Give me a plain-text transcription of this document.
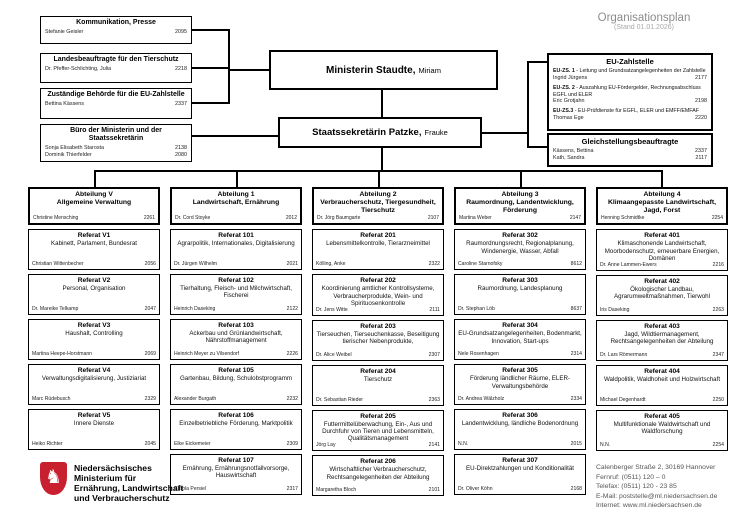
Organisationsplan
(Stand 01.01.2026)
Kommunikation, Presse
Stefanie Geisler	2095
Landesbeauftragte für den Tierschutz
Dr. Pfeffer-Schlichting, Julia	2218
Zuständige Behörde für die EU-Zahlstelle
Bettina Kässens	2337
Büro der Ministerin und der Staatssekretärin
Sonja Elisabeth Starosta	2138
Dominik Thierfelder	2080
Ministerin Staudte, Miriam
Staatssekretärin Patzke, Frauke
EU-Zahlstelle
EU-ZS. 1 - Leitung und Grundsatzangelegenheiten der Zahlstelle
Ingrid Jürgens	2177
EU-ZS. 2 - Auszahlung EU-Fördergelder, Rechnungsabschluss EGFL und ELER
Eric Grotjahn	2198
EU-ZS.3 - EU-Prüfdienste für EGFL, ELER und EMFF/EMFAF
Thomas Ege	2220
Gleichstellungsbeauftragte
Kässens, Bettina	2337
Kath, Sandra	2117
Abteilung V
Allgemeine Verwaltung
Christine Mensching	2261
Referat V1
Kabinett, Parlament, Bundesrat
Christian Wittenbecher	2056
Referat V2
Personal, Organisation
Dr. Mareike Telkamp	2047
Referat V3
Haushalt, Controlling
Martina Heepe-Horstmann	2069
Referat V4
Verwaltungsdigitalisierung, Justiziariat
Marc Rüdebusch	2329
Referat V5
Innere Dienste
Heiko Richter	2045
Abteilung 1
Landwirtschaft, Ernährung
Dr. Cord Stoyke	2012
Referat 101
Agrarpolitik, Internationales, Digitalisierung
Dr. Jürgen Wilhelm	2021
Referat 102
Tierhaltung, Fleisch- und Milchwirtschaft, Fischerei
Heinrich Daseking	2122
Referat 103
Ackerbau und Grünlandwirtschaft, Nährstoffmanagement
Heinrich Meyer zu Vilsendorf	2226
Referat 105
Gartenbau, Bildung, Schulobstprogramm
Alexander Burgath	2232
Referat 106
Einzelbetriebliche Förderung, Marktpolitik
Elke Eickemeier	2309
Referat 107
Ernährung, Ernährungsnotfallvorsorge, Hauswirtschaft
Carola Persiel	2317
Abteilung 2
Verbraucherschutz, Tiergesundheit, Tierschutz
Dr. Jörg Baumgarte	2107
Referat 201
Lebensmittelkontrolle, Tierarzneimittel
Kölling, Anke	2322
Referat 202
Koordinierung amtlicher Kontrollsysteme, Verbraucherprodukte, Wein- und Spirituosenkontrolle
Dr. Jens Witte	2111
Referat 203
Tierseuchen, Tierseuchenkasse, Beseitigung tierischer Nebenprodukte,
Dr. Alice Weibel	2307
Referat 204
Tierschutz
Dr. Sebastian Rieder	2363
Referat 205
Futtermittelüberwachung, Ein-, Aus und Durchfuhr von Tieren und Lebensmitteln, Qualitätsmanagement
Jörg Lay	2141
Referat 206
Wirtschaftlicher Verbraucherschutz, Rechtsangelegenheiten der Abteilung
Margaretha Bloch	2101
Abteilung 3
Raumordnung, Landentwicklung, Förderung
Martina Weber	2147
Referat 302
Raumordnungsrecht, Regionalplanung, Windenergie, Wasser, Abfall
Caroline Starnofsky	8612
Referat 303
Raumordnung, Landesplanung
Dr. Stephan Löb	8637
Referat 304
EU-Grundsatzangelegenheiten, Bodenmarkt, Innovation, Start-ups
Nele Rosenhagen	2314
Referat 305
Förderung ländlicher Räume, ELER-Verwaltungsbehörde
Dr. Andrea Wälzholz	2334
Referat 306
Landentwicklung, ländliche Bodenordnung
N.N.	2015
Referat 307
EU-Direktzahlungen und Konditionalität
Dr. Oliver Köhn	2168
Abteilung 4
Klimaangepasste Landwirtschaft, Jagd, Forst
Henning Schmidtke	2254
Referat 401
Klimaschonende Landwirtschaft, Moorbodenschutz, erneuerbare Energien, Domänen
Dr. Anne Lammen-Ewers	2216
Referat 402
Ökologischer Landbau, Agrarumweltmaßnahmen, Tierwohl
Iris Daseking	2263
Referat 403
Jagd, Wildtiermanagement, Rechtsangelegenheiten der Abteilung
Dr. Lars Römermann	2347
Referat 404
Waldpolitik, Waldhoheit und Holzwirtschaft
Michael Degenhardt	2250
Referat 405
Multifunktionale Waldwirtschaft und Waldforschung
N.N.	2254
♞ Niedersächsisches
Ministerium für
Ernährung, Landwirtschaft
und Verbraucherschutz
Calenberger Straße 2, 30169 Hannover
Fernruf: (0511) 120 – 0
Telefax: (0511) 120 - 23 85
E-Mail: poststelle@ml.niedersachsen.de
Internet: www.ml.niedersachsen.de
